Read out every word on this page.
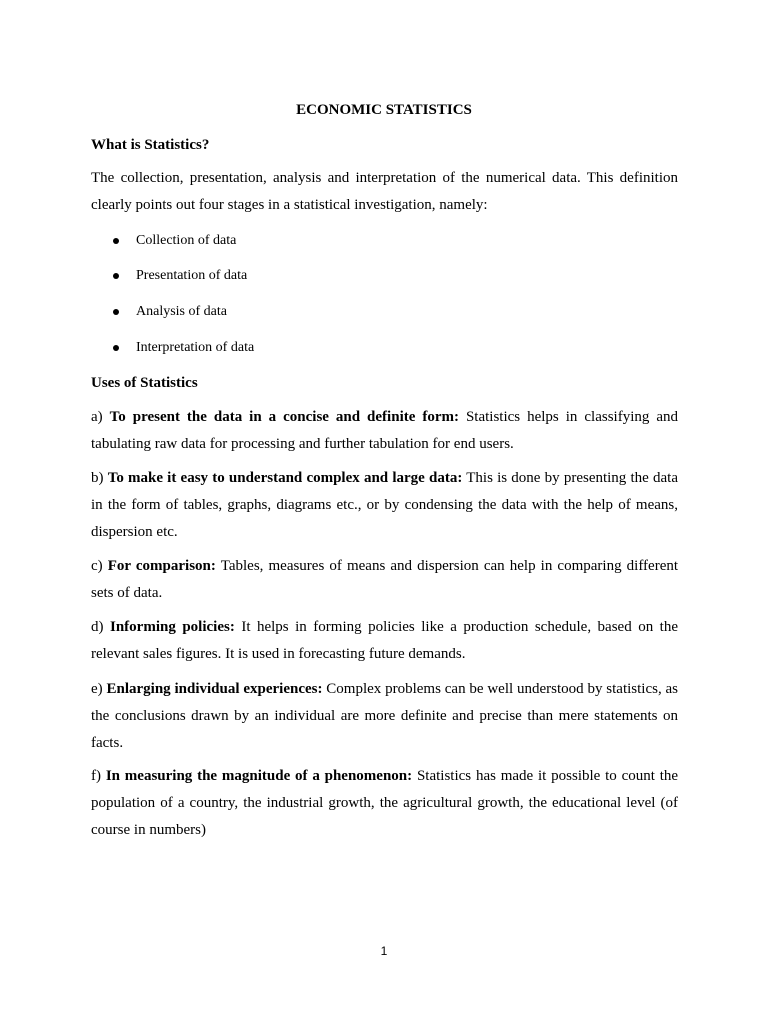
ECONOMIC STATISTICS
What is Statistics?

The collection, presentation, analysis and interpretation of the numerical data. This definition clearly points out four stages in a statistical investigation, namely:

Collection of data
Presentation of data
Analysis of data
Interpretation of data
Uses of Statistics

a) To present the data in a concise and definite form: Statistics helps in classifying and tabulating raw data for processing and further tabulation for end users.

b) To make it easy to understand complex and large data: This is done by presenting the data in the form of tables, graphs, diagrams etc., or by condensing the data with the help of means, dispersion etc.

c) For comparison: Tables, measures of means and dispersion can help in comparing different sets of data.

d) Informing policies: It helps in forming policies like a production schedule, based on the relevant sales figures. It is used in forecasting future demands.

e) Enlarging individual experiences: Complex problems can be well understood by statistics, as the conclusions drawn by an individual are more definite and precise than mere statements on facts.

f) In measuring the magnitude of a phenomenon: Statistics has made it possible to count the population of a country, the industrial growth, the agricultural growth, the educational level (of course in numbers)

1
